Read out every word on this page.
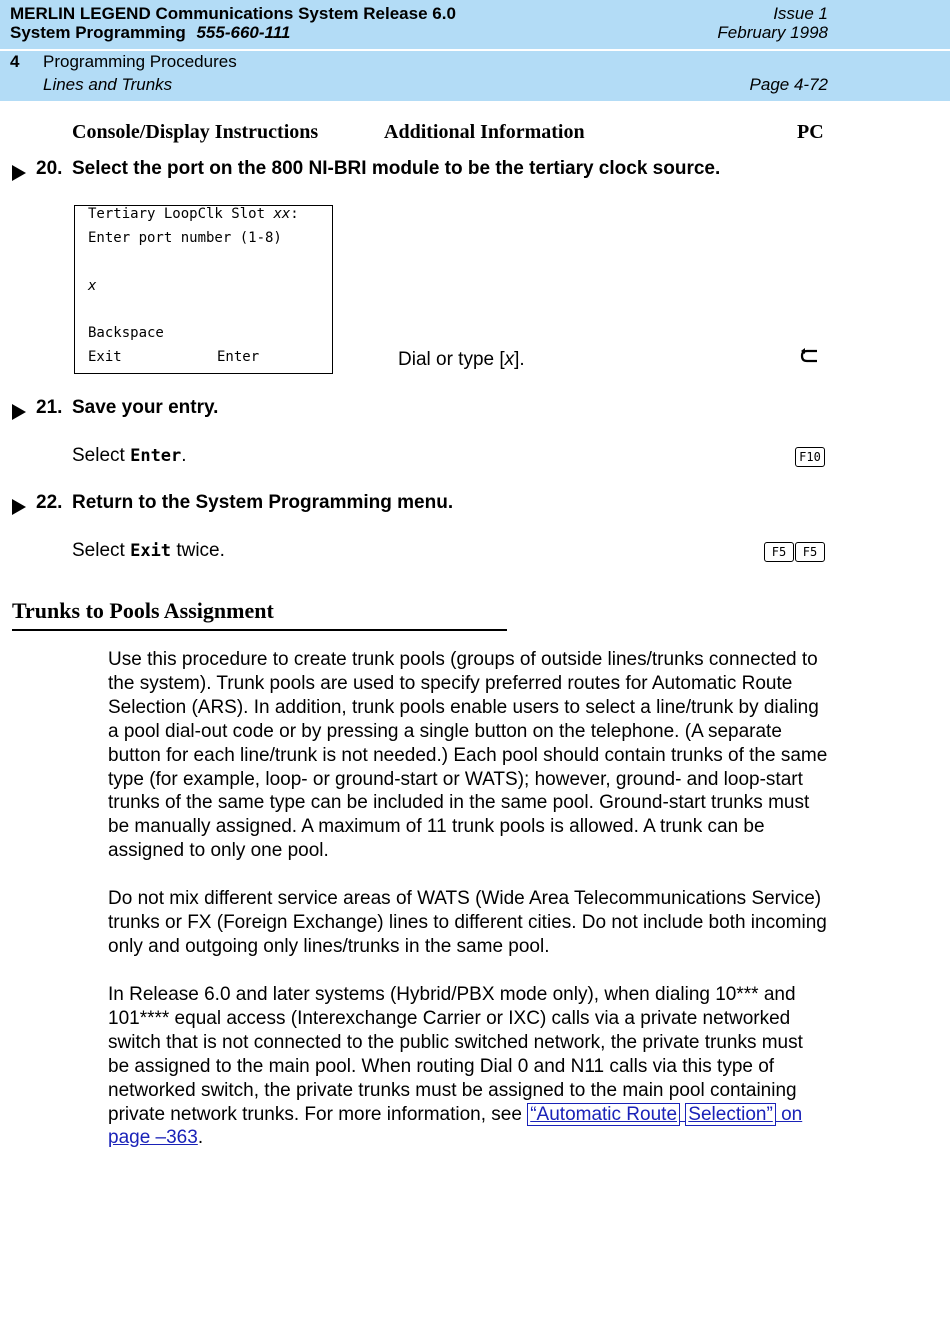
MERLIN LEGEND Communications System Release 6.0	Issue 1
System Programming 555-660-111	February 1998
4 Programming Procedures
Lines and Trunks	Page 4-72
Console/Display Instructions	Additional Information	PC
20. Select the port on the 800 NI-BRI module to be the tertiary clock source.
Tertiary LoopClk Slot xx:
Enter port number (1-8)
x
Backspace
Exit	Enter	Dial or type [x].
21. Save your entry.
Select Enter.	F10
22. Return to the System Programming menu.
Select Exit twice.	F5	F5
Trunks to Pools Assignment

Use this procedure to create trunk pools (groups of outside lines/trunks connected to the system). Trunk pools are used to specify preferred routes for Automatic Route Selection (ARS). In addition, trunk pools enable users to select a line/trunk by dialing a pool dial-out code or by pressing a single button on the telephone. (A separate button for each line/trunk is not needed.) Each pool should contain trunks of the same type (for example, loop- or ground-start or WATS); however, ground- and loop-start trunks of the same type can be included in the same pool. Ground-start trunks must be manually assigned. A maximum of 11 trunk pools is allowed. A trunk can be assigned to only one pool.

Do not mix different service areas of WATS (Wide Area Telecommunications Service) trunks or FX (Foreign Exchange) lines to different cities. Do not include both incoming only and outgoing only lines/trunks in the same pool.

In Release 6.0 and later systems (Hybrid/PBX mode only), when dialing 10*** and 101**** equal access (Interexchange Carrier or IXC) calls via a private networked switch that is not connected to the public switched network, the private trunks must be assigned to the main pool. When routing Dial 0 and N11 calls via this type of networked switch, the private trunks must be assigned to the main pool containing private network trunks. For more information, see “Automatic Route Selection” on page –363.
